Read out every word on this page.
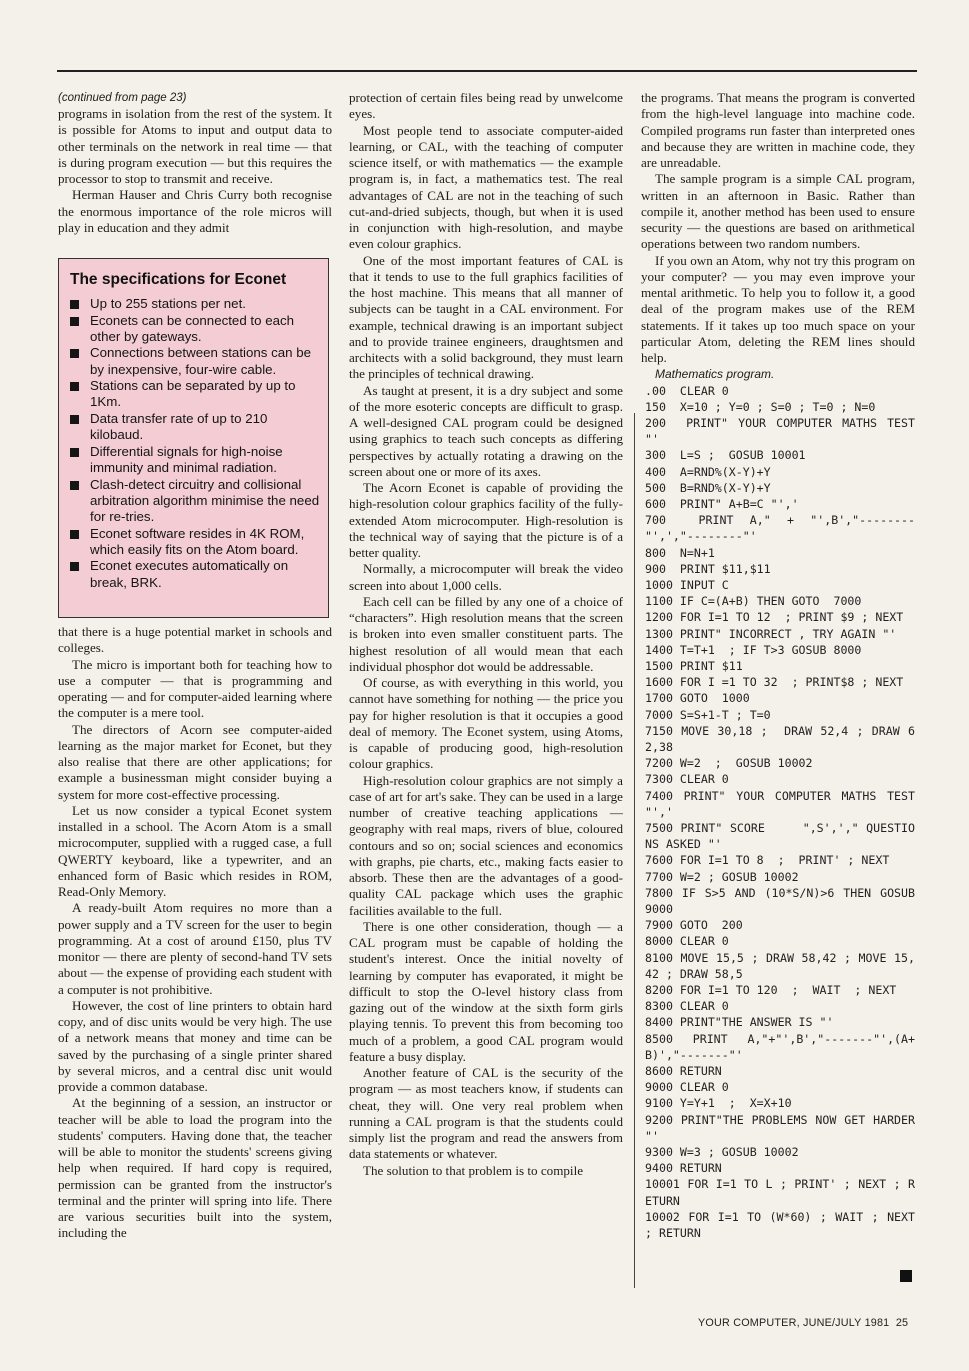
(continued from page 23)

programs in isolation from the rest of the system. It is possible for Atoms to input and output data to other terminals on the network in real time — that is during program execution — but this requires the processor to stop to transmit and receive.

Herman Hauser and Chris Curry both recognise the enormous importance of the role micros will play in education and they admit

that there is a huge potential market in schools and colleges.

The micro is important both for teaching how to use a computer — that is programming and operating — and for computer-aided learning where the computer is a mere tool.

The directors of Acorn see computer-aided learning as the major market for Econet, but they also realise that there are other applications; for example a businessman might consider buying a system for more cost-effective processing.

Let us now consider a typical Econet system installed in a school. The Acorn Atom is a small microcomputer, supplied with a rugged case, a full QWERTY keyboard, like a typewriter, and an enhanced form of Basic which resides in ROM, Read-Only Memory.

A ready-built Atom requires no more than a power supply and a TV screen for the user to begin programming. At a cost of around £150, plus TV monitor — there are plenty of second-hand TV sets about — the expense of providing each student with a computer is not prohibitive.

However, the cost of line printers to obtain hard copy, and of disc units would be very high. The use of a network means that money and time can be saved by the purchasing of a single printer shared by several micros, and a central disc unit would provide a common database.

At the beginning of a session, an instructor or teacher will be able to load the program into the students' computers. Having done that, the teacher will be able to monitor the students' screens giving help when required. If hard copy is required, permission can be granted from the instructor's terminal and the printer will spring into life. There are various securities built into the system, including the

The specifications for Econet
Up to 255 stations per net.
Econets can be connected to each other by gateways.
Connections between stations can be by inexpensive, four-wire cable.
Stations can be separated by up to 1Km.
Data transfer rate of up to 210 kilobaud.
Differential signals for high-noise immunity and minimal radiation.
Clash-detect circuitry and collisional arbitration algorithm minimise the need for re-tries.
Econet software resides in 4K ROM, which easily fits on the Atom board.
Econet executes automatically on break, BRK.

protection of certain files being read by unwelcome eyes.

Most people tend to associate computer-aided learning, or CAL, with the teaching of computer science itself, or with mathematics — the example program is, in fact, a mathematics test. The real advantages of CAL are not in the teaching of such cut-and-dried subjects, though, but when it is used in conjunction with high-resolution, and maybe even colour graphics.

One of the most important features of CAL is that it tends to use to the full graphics facilities of the host machine. This means that all manner of subjects can be taught in a CAL environment. For example, technical drawing is an important subject and to provide trainee engineers, draughtsmen and architects with a solid background, they must learn the principles of technical drawing.

As taught at present, it is a dry subject and some of the more esoteric concepts are difficult to grasp. A well-designed CAL program could be designed using graphics to teach such concepts as differing perspectives by actually rotating a drawing on the screen about one or more of its axes.

The Acorn Econet is capable of providing the high-resolution colour graphics facility of the fully-extended Atom microcomputer. High-resolution is the technical way of saying that the picture is of a better quality.

Normally, a microcomputer will break the video screen into about 1,000 cells.

Each cell can be filled by any one of a choice of “characters”. High resolution means that the screen is broken into even smaller constituent parts. The highest resolution of all would mean that each individual phosphor dot would be addressable.

Of course, as with everything in this world, you cannot have something for nothing — the price you pay for higher resolution is that it occupies a good deal of memory. The Econet system, using Atoms, is capable of producing good, high-resolution colour graphics.

High-resolution colour graphics are not simply a case of art for art's sake. They can be used in a large number of creative teaching applications — geography with real maps, rivers of blue, coloured contours and so on; social sciences and economics with graphs, pie charts, etc., making facts easier to absorb. These then are the advantages of a good-quality CAL package which uses the graphic facilities available to the full.

There is one other consideration, though — a CAL program must be capable of holding the student's interest. Once the initial novelty of learning by computer has evaporated, it might be difficult to stop the O-level history class from gazing out of the window at the sixth form girls playing tennis. To prevent this from becoming too much of a problem, a good CAL program would feature a busy display.

Another feature of CAL is the security of the program — as most teachers know, if students can cheat, they will. One very real problem when running a CAL program is that the students could simply list the program and read the answers from data statements or whatever.

The solution to that problem is to compile

the programs. That means the program is converted from the high-level language into machine code. Compiled programs run faster than interpreted ones and because they are written in machine code, they are unreadable.

The sample program is a simple CAL program, written in an afternoon in Basic. Rather than compile it, another method has been used to ensure security — the questions are based on arithmetical operations between two random numbers.

If you own an Atom, why not try this program on your computer? — you may even improve your mental arithmetic. To help you to follow it, a good deal of the program makes use of the REM statements. If it takes up too much space on your particular Atom, deleting the REM lines should help.

Mathematics program.

.00  CLEAR 0
150  X=10 ; Y=0 ; S=0 ; T=0 ; N=0
200  PRINT" YOUR COMPUTER MATHS TEST "'
300  L=S ;  GOSUB 10001
400  A=RND%(X-Y)+Y
500  B=RND%(X-Y)+Y
600  PRINT" A+B=C "','
700  PRINT A," + "',B',"--------"',',"--------"'
800  N=N+1
900  PRINT $11,$11
1000 INPUT C
1100 IF C=(A+B) THEN GOTO  7000
1200 FOR I=1 TO 12  ; PRINT $9 ; NEXT
1300 PRINT" INCORRECT , TRY AGAIN "'
1400 T=T+1  ; IF T>3 GOSUB 8000
1500 PRINT $11
1600 FOR I =1 TO 32  ; PRINT$8 ; NEXT
1700 GOTO  1000
7000 S=S+1-T ; T=0
7150 MOVE 30,18 ;  DRAW 52,4 ; DRAW 62,38
7200 W=2  ;  GOSUB 10002
7300 CLEAR 0
7400 PRINT" YOUR COMPUTER MATHS TEST "','
7500 PRINT" SCORE     ",S','," QUESTIONS ASKED "'
7600 FOR I=1 TO 8  ;  PRINT' ; NEXT
7700 W=2 ; GOSUB 10002
7800 IF S>5 AND (10*S/N)>6 THEN GOSUB  9000
7900 GOTO  200
8000 CLEAR 0
8100 MOVE 15,5 ; DRAW 58,42 ; MOVE 15,42 ; DRAW 58,5
8200 FOR I=1 TO 120  ;  WAIT  ; NEXT
8300 CLEAR 0
8400 PRINT"THE ANSWER IS "'
8500 PRINT A,"+"',B',"-------"',(A+B)',"-------"'
8600 RETURN
9000 CLEAR 0
9100 Y=Y+1  ;  X=X+10
9200 PRINT"THE PROBLEMS NOW GET HARDER "'
9300 W=3 ; GOSUB 10002
9400 RETURN
10001 FOR I=1 TO L ; PRINT' ; NEXT ; RETURN
10002 FOR I=1 TO (W*60) ; WAIT ; NEXT ; RETURN
YOUR COMPUTER, JUNE/JULY 1981 25
